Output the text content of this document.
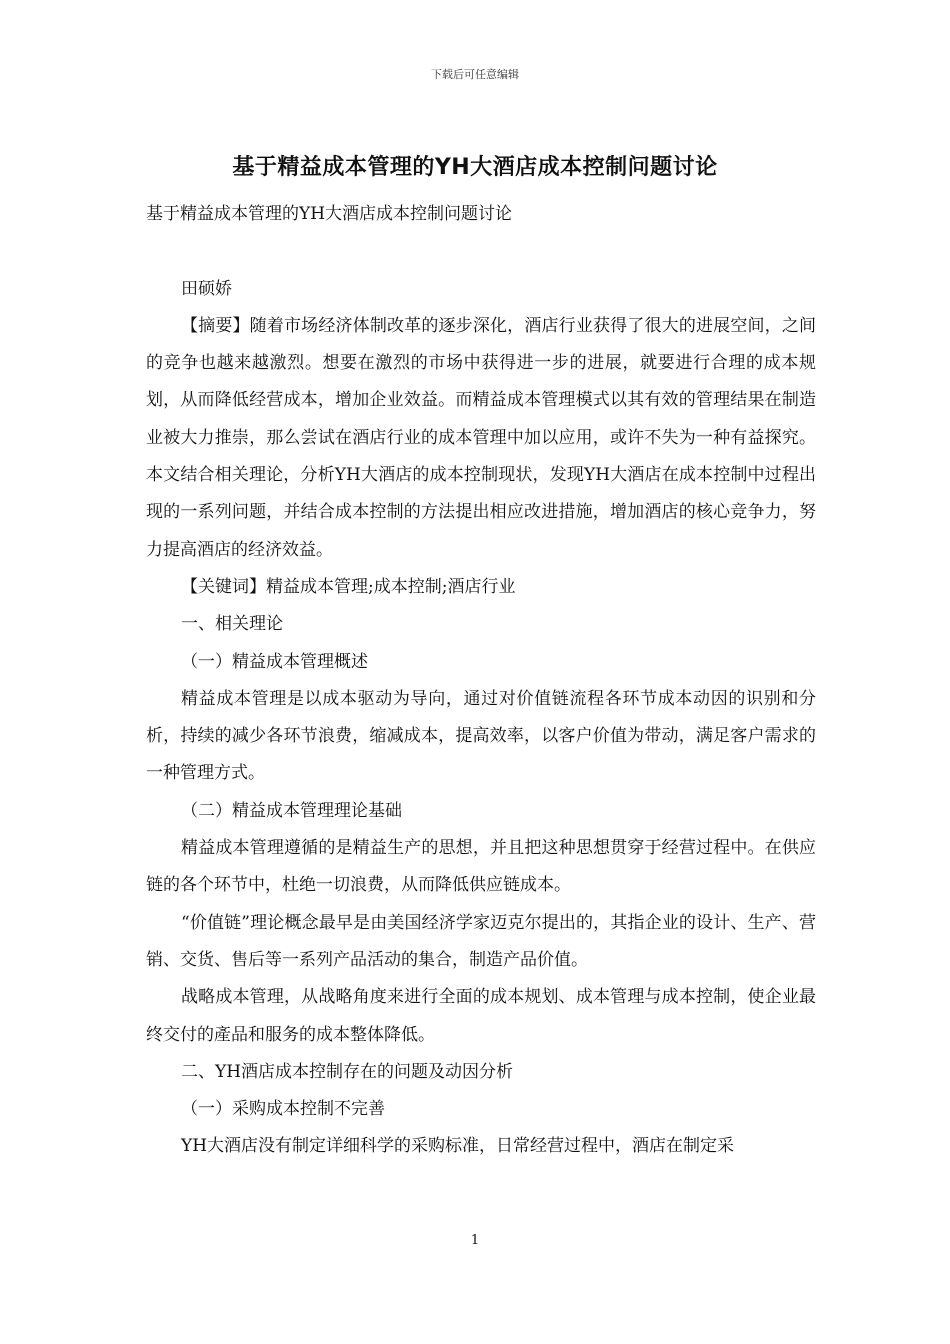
下载后可任意编辑
基于精益成本管理的YH大酒店成本控制问题讨论

基于精益成本管理的YH大酒店成本控制问题讨论

田硕娇

【摘要】随着市场经济体制改革的逐步深化，酒店行业获得了很大的进展空间，之间的竞争也越来越激烈。想要在激烈的市场中获得进一步的进展，就要进行合理的成本规划，从而降低经营成本，增加企业效益。而精益成本管理模式以其有效的管理结果在制造业被大力推崇，那么尝试在酒店行业的成本管理中加以应用，或许不失为一种有益探究。本文结合相关理论，分析YH大酒店的成本控制现状，发现YH大酒店在成本控制中过程出现的一系列问题，并结合成本控制的方法提出相应改进措施，增加酒店的核心竞争力，努力提高酒店的经济效益。

【关键词】精益成本管理;成本控制;酒店行业

一、相关理论

（一）精益成本管理概述

精益成本管理是以成本驱动为导向，通过对价值链流程各环节成本动因的识别和分析，持续的减少各环节浪费，缩减成本，提高效率，以客户价值为带动，满足客户需求的一种管理方式。

（二）精益成本管理理论基础

精益成本管理遵循的是精益生产的思想，并且把这种思想贯穿于经营过程中。在供应链的各个环节中，杜绝一切浪费，从而降低供应链成本。

“价值链”理论概念最早是由美国经济学家迈克尔提出的，其指企业的设计、生产、营销、交货、售后等一系列产品活动的集合，制造产品价值。

战略成本管理，从战略角度来进行全面的成本规划、成本管理与成本控制，使企业最终交付的產品和服务的成本整体降低。

二、YH酒店成本控制存在的问题及动因分析

（一）采购成本控制不完善

YH大酒店没有制定详细科学的采购标准，日常经营过程中，酒店在制定采

1
